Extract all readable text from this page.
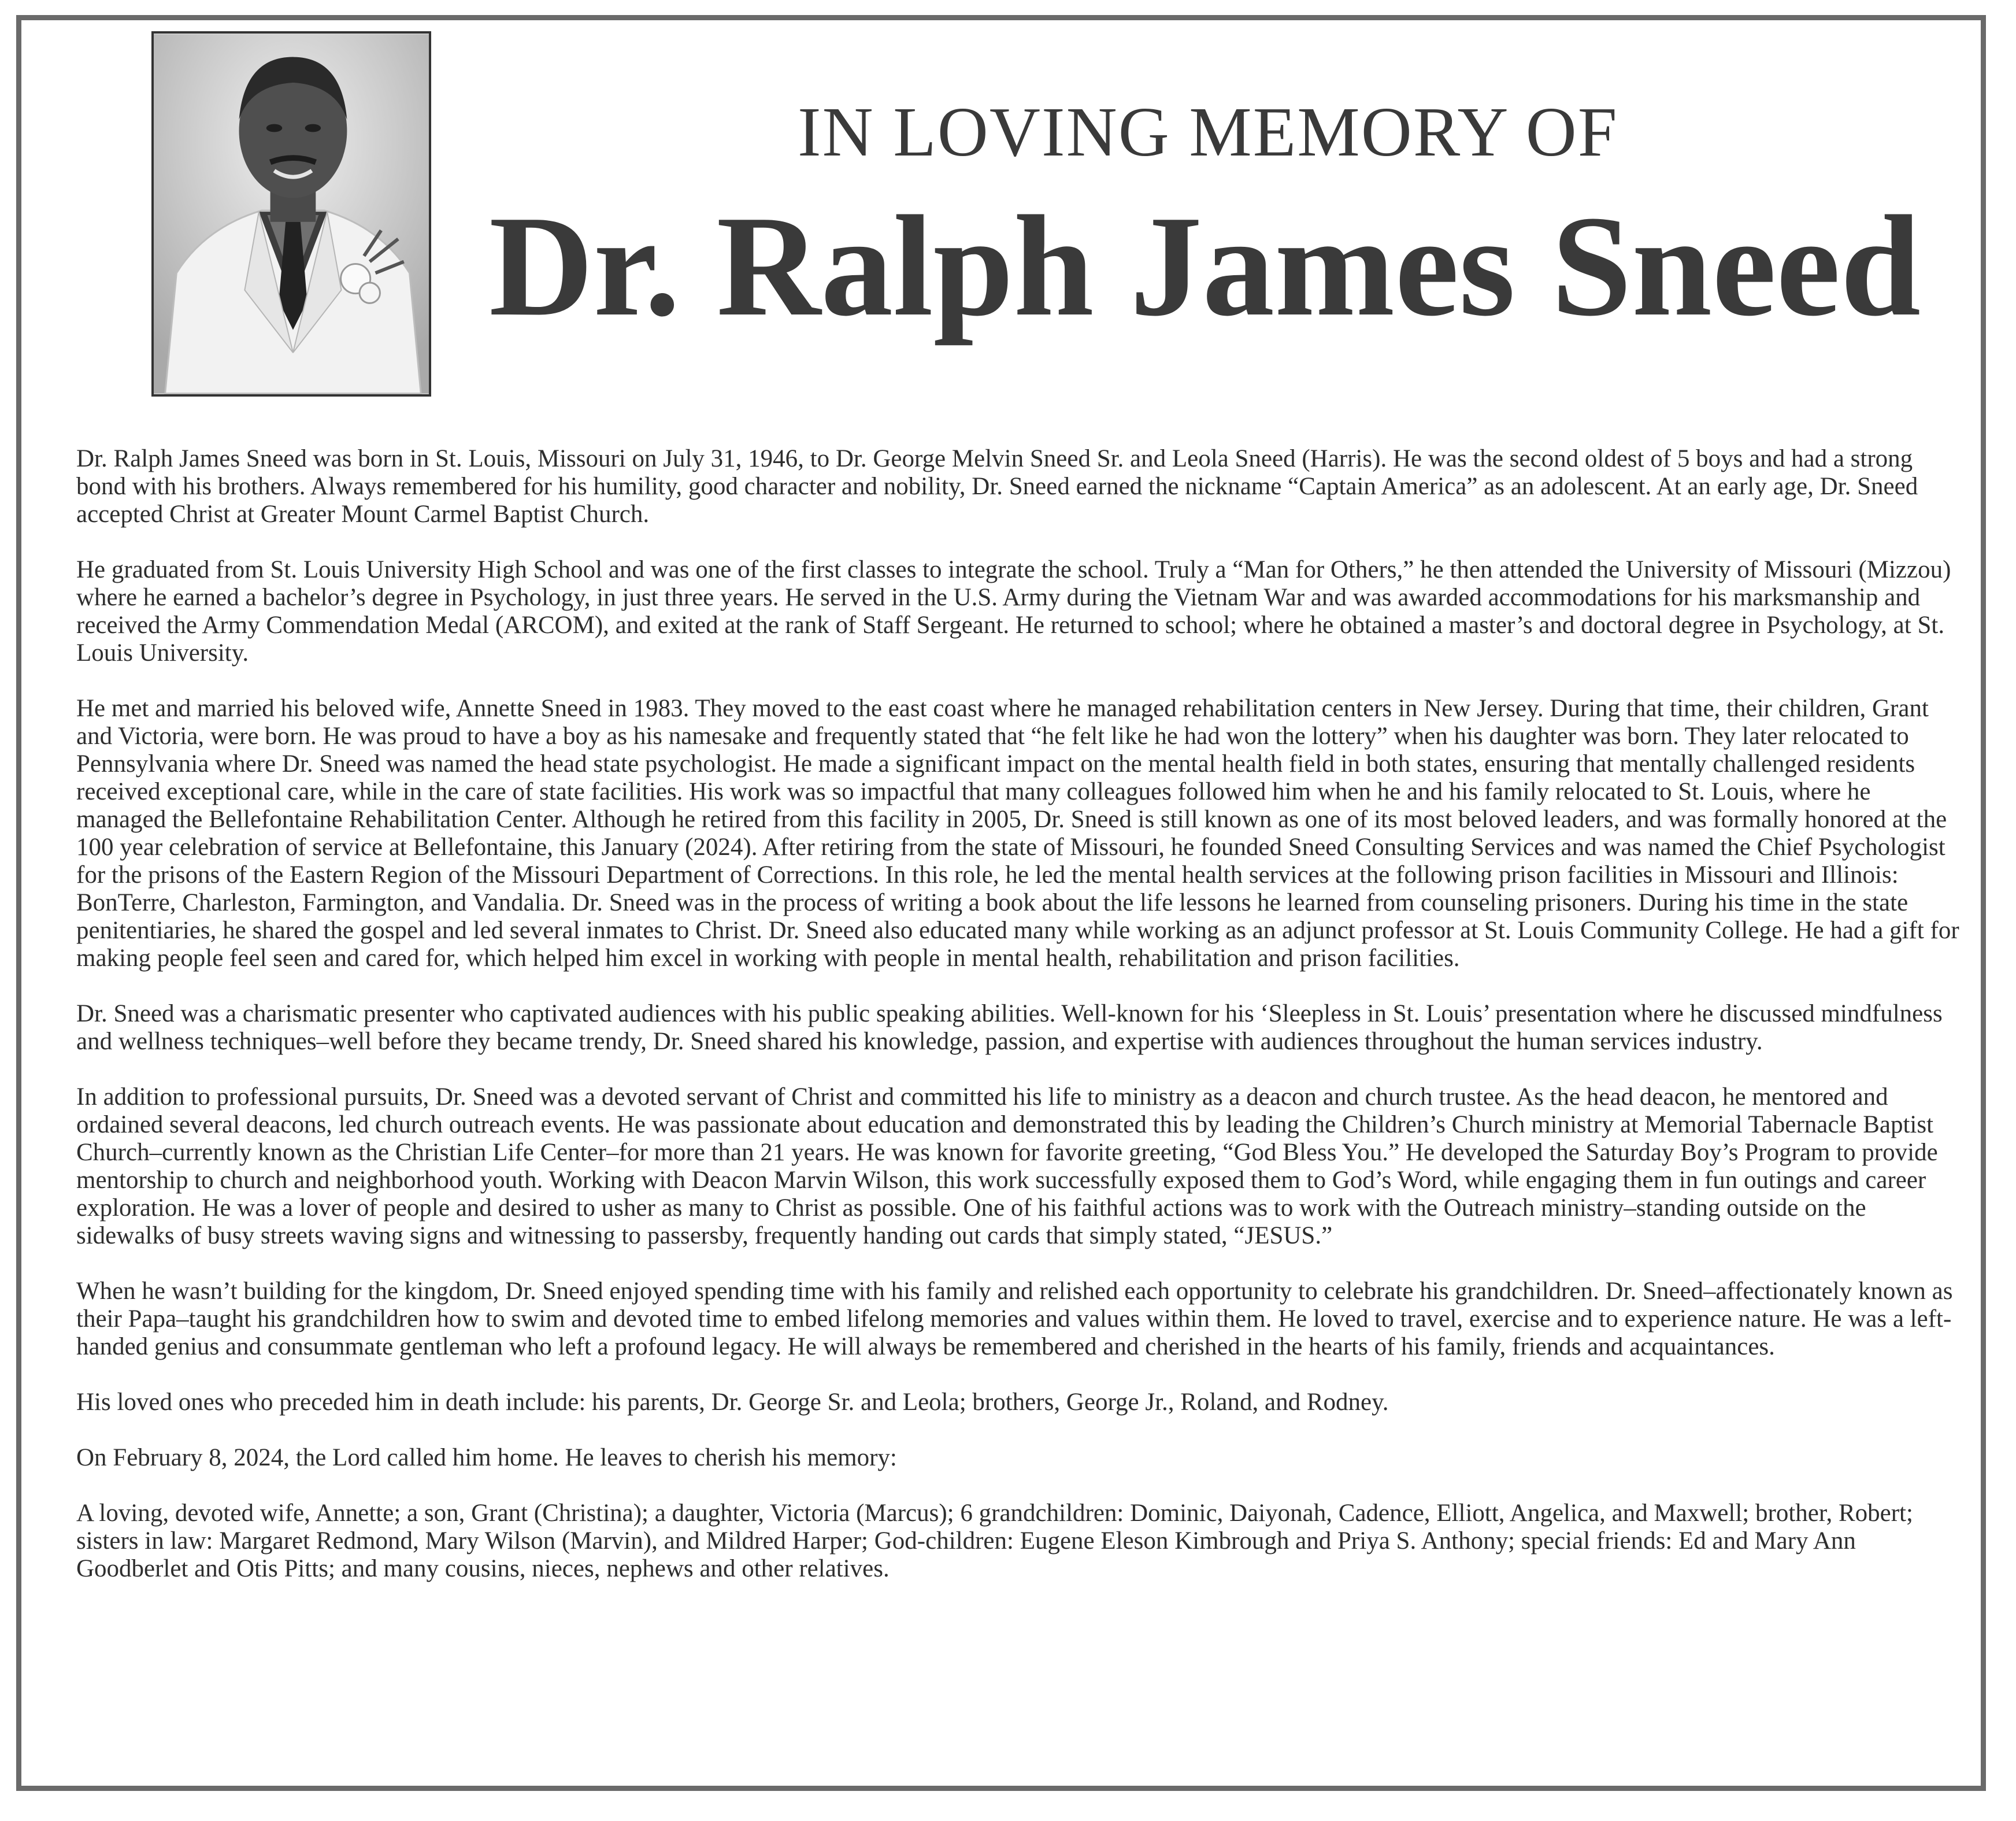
IN LOVING MEMORY OF
Dr. Ralph James Sneed

Dr. Ralph James Sneed was born in St. Louis, Missouri on July 31, 1946, to Dr. George Melvin Sneed Sr. and Leola Sneed (Harris). He was the second oldest of 5 boys and had a strong bond with his brothers. Always remembered for his humility, good character and nobility, Dr. Sneed earned the nickname “Captain America” as an adolescent. At an early age, Dr. Sneed accepted Christ at Greater Mount Carmel Baptist Church.

He graduated from St. Louis University High School and was one of the first classes to integrate the school. Truly a “Man for Others,” he then attended the University of Missouri (Mizzou) where he earned a bachelor’s degree in Psychology, in just three years. He served in the U.S. Army during the Vietnam War and was awarded accommodations for his marksmanship and received the Army Commendation Medal (ARCOM), and exited at the rank of Staff Sergeant. He returned to school; where he obtained a master’s and doctoral degree in Psychology, at St. Louis University.

He met and married his beloved wife, Annette Sneed in 1983. They moved to the east coast where he managed rehabilitation centers in New Jersey. During that time, their children, Grant and Victoria, were born. He was proud to have a boy as his namesake and frequently stated that “he felt like he had won the lottery” when his daughter was born. They later relocated to Pennsylvania where Dr. Sneed was named the head state psychologist. He made a significant impact on the mental health field in both states, ensuring that mentally challenged residents received exceptional care, while in the care of state facilities. His work was so impactful that many colleagues followed him when he and his family relocated to St. Louis, where he managed the Bellefontaine Rehabilitation Center. Although he retired from this facility in 2005, Dr. Sneed is still known as one of its most beloved leaders, and was formally honored at the 100 year celebration of service at Bellefontaine, this January (2024). After retiring from the state of Missouri, he founded Sneed Consulting Services and was named the Chief Psychologist for the prisons of the Eastern Region of the Missouri Department of Corrections. In this role, he led the mental health services at the following prison facilities in Missouri and Illinois: BonTerre, Charleston, Farmington, and Vandalia. Dr. Sneed was in the process of writing a book about the life lessons he learned from counseling prisoners. During his time in the state penitentiaries, he shared the gospel and led several inmates to Christ. Dr. Sneed also educated many while working as an adjunct professor at St. Louis Community College. He had a gift for making people feel seen and cared for, which helped him excel in working with people in mental health, rehabilitation and prison facilities.

Dr. Sneed was a charismatic presenter who captivated audiences with his public speaking abilities. Well-known for his ‘Sleepless in St. Louis’ presentation where he discussed mindfulness and wellness techniques–well before they became trendy, Dr. Sneed shared his knowledge, passion, and expertise with audiences throughout the human services industry.

In addition to professional pursuits, Dr. Sneed was a devoted servant of Christ and committed his life to ministry as a deacon and church trustee. As the head deacon, he mentored and ordained several deacons, led church outreach events. He was passionate about education and demonstrated this by leading the Children’s Church ministry at Memorial Tabernacle Baptist Church–currently known as the Christian Life Center–for more than 21 years. He was known for favorite greeting, “God Bless You.” He developed the Saturday Boy’s Program to provide mentorship to church and neighborhood youth. Working with Deacon Marvin Wilson, this work successfully exposed them to God’s Word, while engaging them in fun outings and career exploration. He was a lover of people and desired to usher as many to Christ as possible. One of his faithful actions was to work with the Outreach ministry–standing outside on the sidewalks of busy streets waving signs and witnessing to passersby, frequently handing out cards that simply stated, “JESUS.”

When he wasn’t building for the kingdom, Dr. Sneed enjoyed spending time with his family and relished each opportunity to celebrate his grandchildren. Dr. Sneed–affectionately known as their Papa–taught his grandchildren how to swim and devoted time to embed lifelong memories and values within them. He loved to travel, exercise and to experience nature. He was a left-handed genius and consummate gentleman who left a profound legacy. He will always be remembered and cherished in the hearts of his family, friends and acquaintances.

His loved ones who preceded him in death include: his parents, Dr. George Sr. and Leola; brothers, George Jr., Roland, and Rodney.

On February 8, 2024, the Lord called him home. He leaves to cherish his memory:

A loving, devoted wife, Annette; a son, Grant (Christina); a daughter, Victoria (Marcus); 6 grandchildren: Dominic, Daiyonah, Cadence, Elliott, Angelica, and Maxwell; brother, Robert; sisters in law: Margaret Redmond, Mary Wilson (Marvin), and Mildred Harper; God-children: Eugene Eleson Kimbrough and Priya S. Anthony; special friends: Ed and Mary Ann Goodberlet and Otis Pitts; and many cousins, nieces, nephews and other relatives.
